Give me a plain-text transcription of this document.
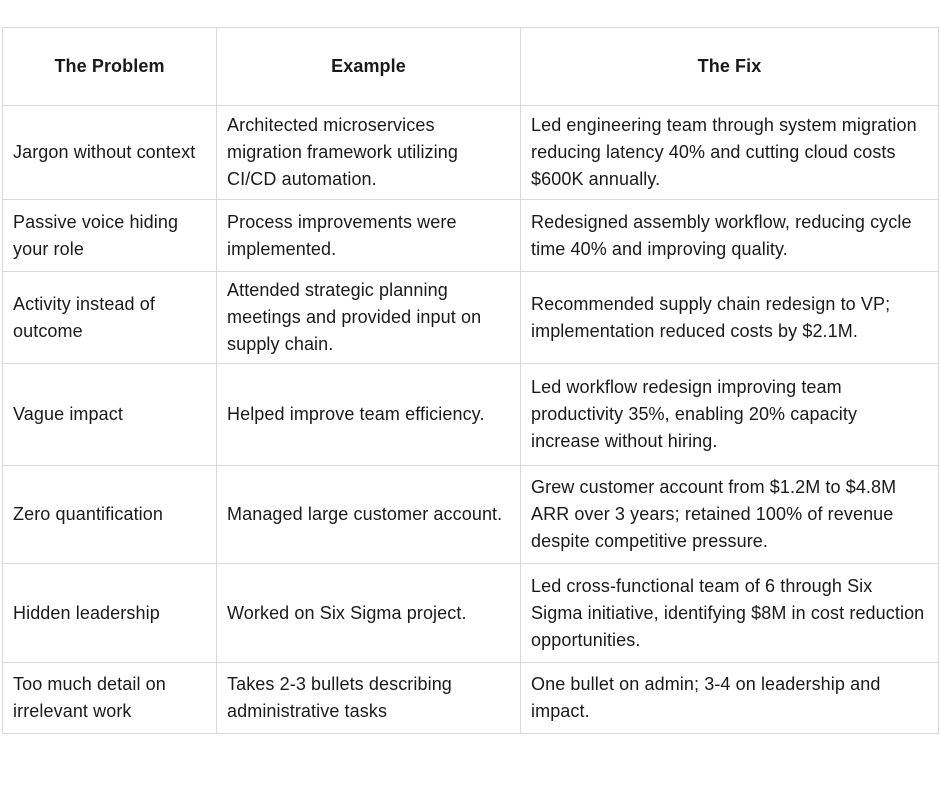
The Problem	Example	The Fix
Jargon without context	Architected microservices migration framework utilizing CI/CD automation.	Led engineering team through system migration reducing latency 40% and cutting cloud costs $600K annually.
Passive voice hiding your role	Process improvements were implemented.	Redesigned assembly workflow, reducing cycle time 40% and improving quality.
Activity instead of outcome	Attended strategic planning meetings and provided input on supply chain.	Recommended supply chain redesign to VP; implementation reduced costs by $2.1M.
Vague impact	Helped improve team efficiency.	Led workflow redesign improving team productivity 35%, enabling 20% capacity increase without hiring.
Zero quantification	Managed large customer account.	Grew customer account from $1.2M to $4.8M ARR over 3 years; retained 100% of revenue despite competitive pressure.
Hidden leadership	Worked on Six Sigma project.	Led cross-functional team of 6 through Six Sigma initiative, identifying $8M in cost reduction opportunities.
Too much detail on irrelevant work	Takes 2-3 bullets describing administrative tasks	One bullet on admin; 3-4 on leadership and impact.
